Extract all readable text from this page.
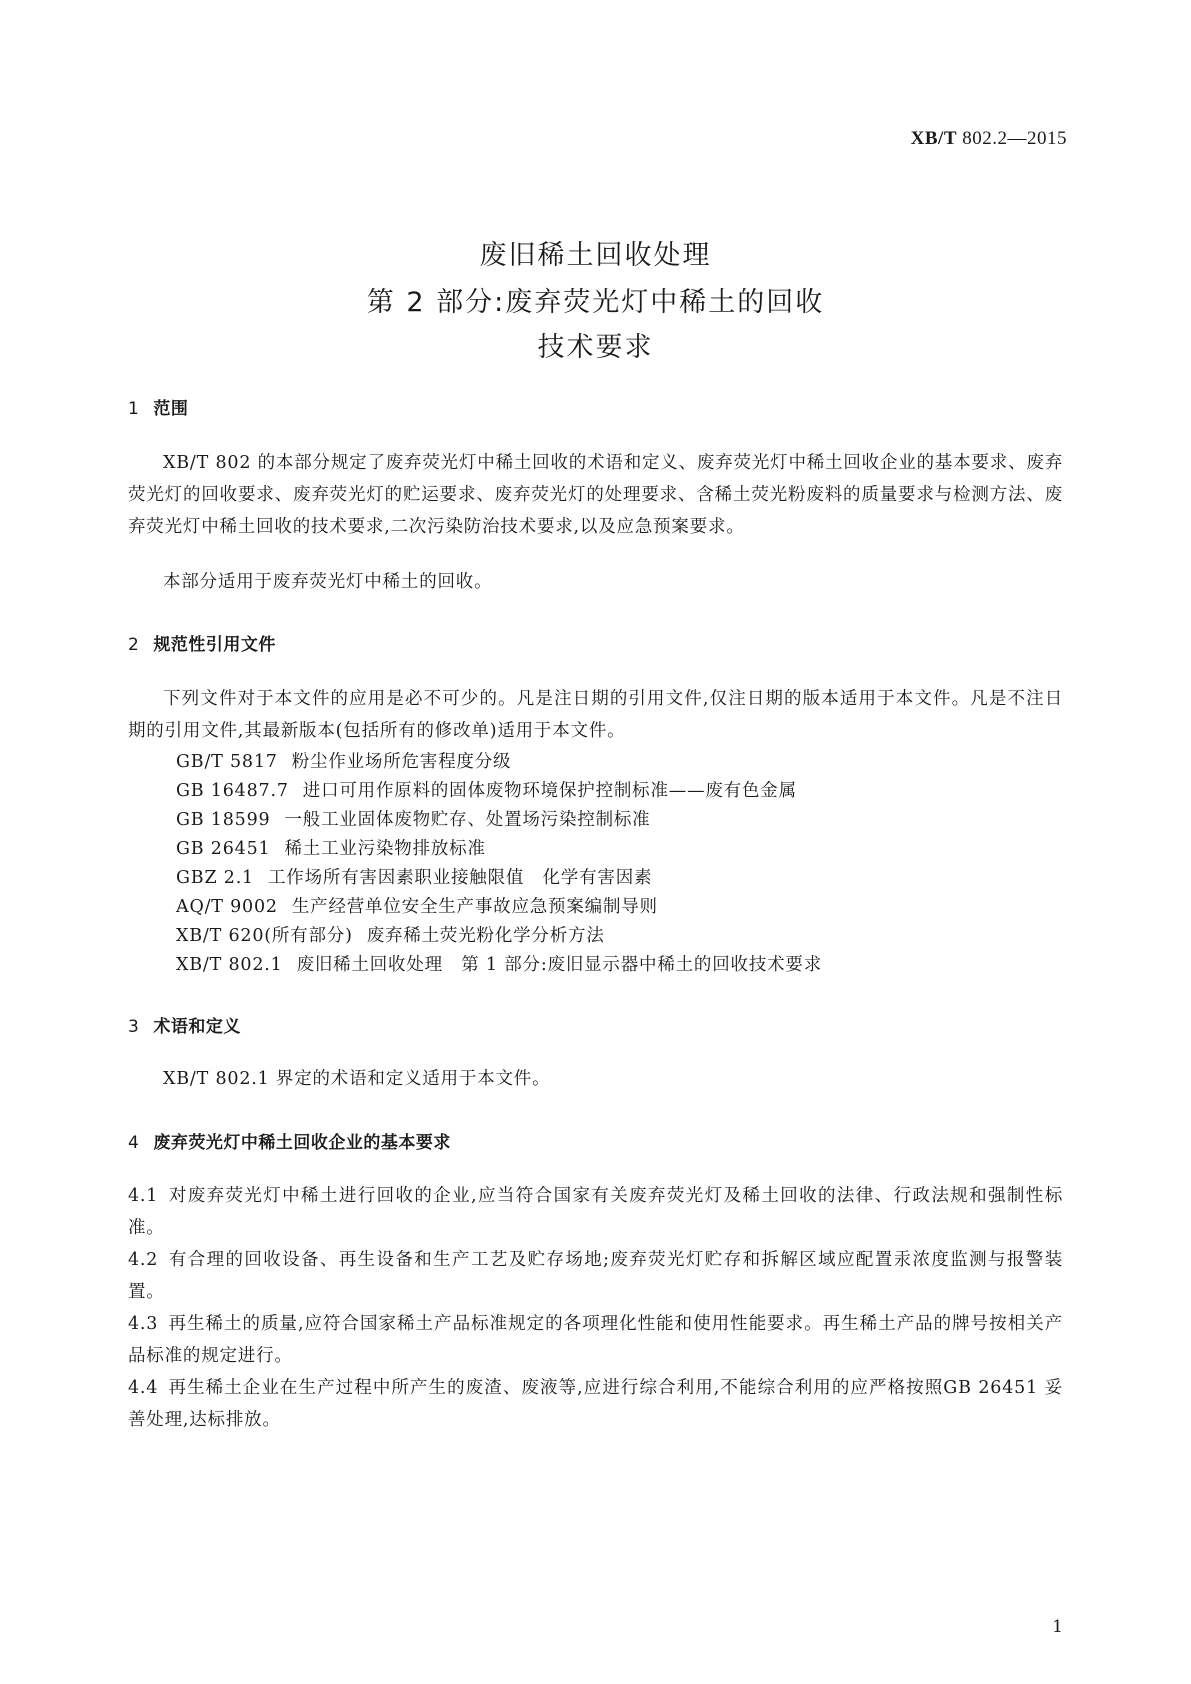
XB/T 802.2—2015
废旧稀土回收处理
第 2 部分:废弃荧光灯中稀土的回收
技术要求
1 范围
XB/T 802 的本部分规定了废弃荧光灯中稀土回收的术语和定义、废弃荧光灯中稀土回收企业的基本要求、废弃荧光灯的回收要求、废弃荧光灯的贮运要求、废弃荧光灯的处理要求、含稀土荧光粉废料的质量要求与检测方法、废弃荧光灯中稀土回收的技术要求,二次污染防治技术要求,以及应急预案要求。
本部分适用于废弃荧光灯中稀土的回收。
2 规范性引用文件
下列文件对于本文件的应用是必不可少的。凡是注日期的引用文件,仅注日期的版本适用于本文件。凡是不注日期的引用文件,其最新版本(包括所有的修改单)适用于本文件。
GB/T 5817 粉尘作业场所危害程度分级
GB 16487.7 进口可用作原料的固体废物环境保护控制标准——废有色金属
GB 18599 一般工业固体废物贮存、处置场污染控制标准
GB 26451 稀土工业污染物排放标准
GBZ 2.1 工作场所有害因素职业接触限值　化学有害因素
AQ/T 9002 生产经营单位安全生产事故应急预案编制导则
XB/T 620(所有部分) 废弃稀土荧光粉化学分析方法
XB/T 802.1 废旧稀土回收处理　第 1 部分:废旧显示器中稀土的回收技术要求
3 术语和定义
XB/T 802.1 界定的术语和定义适用于本文件。
4 废弃荧光灯中稀土回收企业的基本要求
4.1 对废弃荧光灯中稀土进行回收的企业,应当符合国家有关废弃荧光灯及稀土回收的法律、行政法规和强制性标准。
4.2 有合理的回收设备、再生设备和生产工艺及贮存场地;废弃荧光灯贮存和拆解区域应配置汞浓度监测与报警装置。
4.3 再生稀土的质量,应符合国家稀土产品标准规定的各项理化性能和使用性能要求。再生稀土产品的牌号按相关产品标准的规定进行。
4.4 再生稀土企业在生产过程中所产生的废渣、废液等,应进行综合利用,不能综合利用的应严格按照GB 26451 妥善处理,达标排放。
1
